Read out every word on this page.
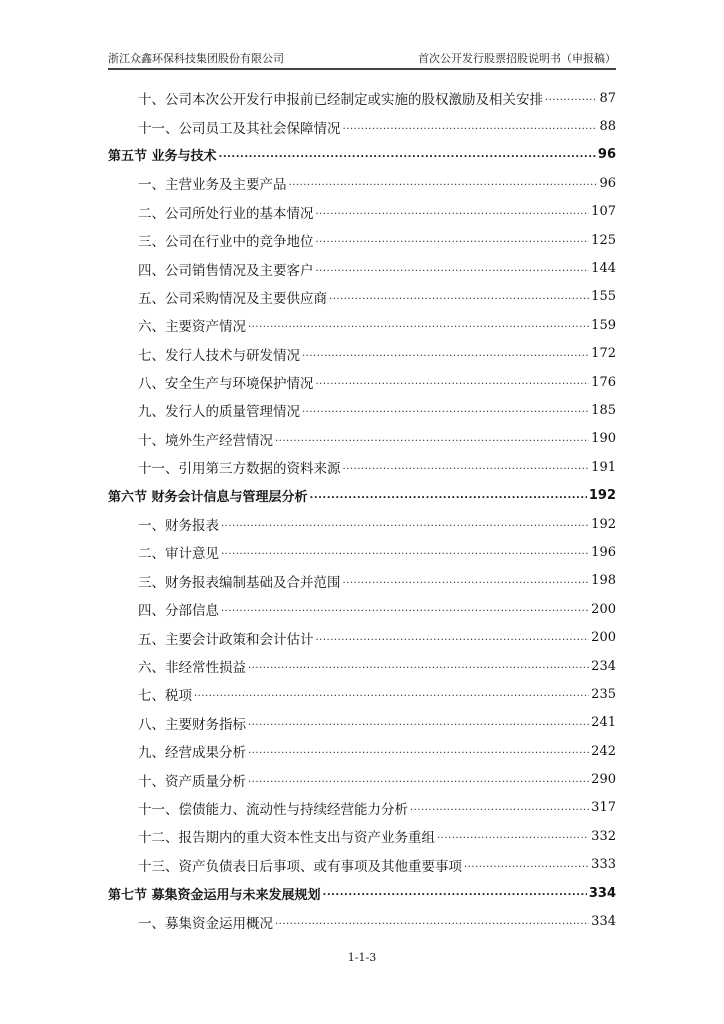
浙江众鑫环保科技集团股份有限公司	首次公开发行股票招股说明书（申报稿）
十、公司本次公开发行申报前已经制定或实施的股权激励及相关安排 .....	87
十一、公司员工及其社会保障情况 .....	88
第五节 业务与技术 .....	96
一、主营业务及主要产品 .....	96
二、公司所处行业的基本情况 .....	107
三、公司在行业中的竞争地位 .....	125
四、公司销售情况及主要客户 .....	144
五、公司采购情况及主要供应商 .....	155
六、主要资产情况 .....	159
七、发行人技术与研发情况 .....	172
八、安全生产与环境保护情况 .....	176
九、发行人的质量管理情况 .....	185
十、境外生产经营情况 .....	190
十一、引用第三方数据的资料来源 .....	191
第六节 财务会计信息与管理层分析 .....	192
一、财务报表 .....	192
二、审计意见 .....	196
三、财务报表编制基础及合并范围 .....	198
四、分部信息 .....	200
五、主要会计政策和会计估计 .....	200
六、非经常性损益 .....	234
七、税项 .....	235
八、主要财务指标 .....	241
九、经营成果分析 .....	242
十、资产质量分析 .....	290
十一、偿债能力、流动性与持续经营能力分析 .....	317
十二、报告期内的重大资本性支出与资产业务重组 .....	332
十三、资产负债表日后事项、或有事项及其他重要事项 .....	333
第七节 募集资金运用与未来发展规划 .....	334
一、募集资金运用概况 .....	334
1-1-3
